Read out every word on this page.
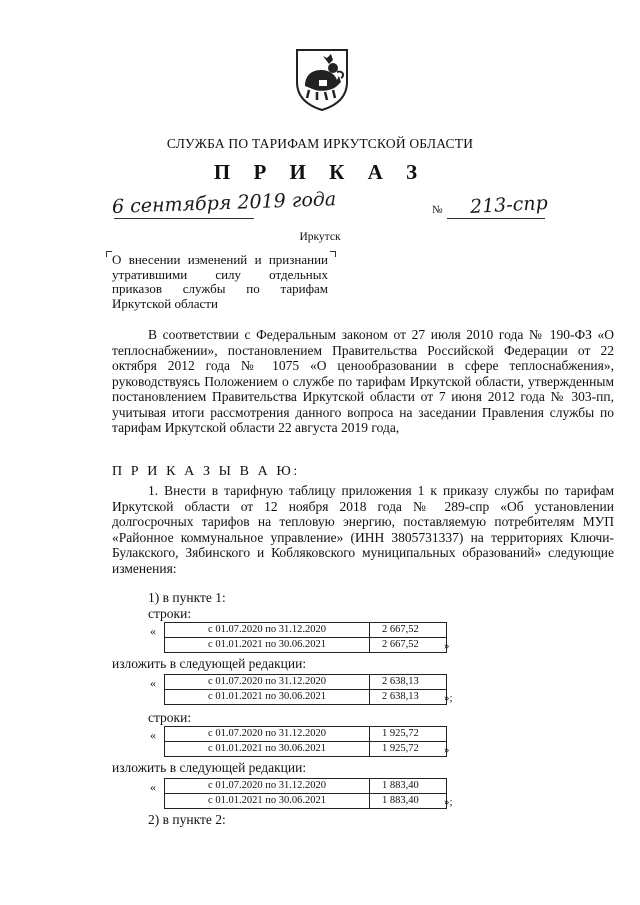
СЛУЖБА ПО ТАРИФАМ ИРКУТСКОЙ ОБЛАСТИ
П Р И К А З
6 сентября 2019 года	№ 213-спр
Иркутск
О внесении изменений и признании утратившими силу отдельных приказов службы по тарифам Иркутской области
В соответствии с Федеральным законом от 27 июля 2010 года № 190-ФЗ «О теплоснабжении», постановлением Правительства Российской Федерации от 22 октября 2012 года № 1075 «О ценообразовании в сфере теплоснабжения», руководствуясь Положением о службе по тарифам Иркутской области, утвержденным постановлением Правительства Иркутской области от 7 июня 2012 года № 303-пп, учитывая итоги рассмотрения данного вопроса на заседании Правления службы по тарифам Иркутской области 22 августа 2019 года,
П Р И К А З Ы В А Ю:
1. Внести в тарифную таблицу приложения 1 к приказу службы по тарифам Иркутской области от 12 ноября 2018 года № 289-спр «Об установлении долгосрочных тарифов на тепловую энергию, поставляемую потребителям МУП «Районное коммунальное управление» (ИНН 3805731337) на территориях Ключи-Булакского, Зябинского и Кобляковского муниципальных образований» следующие изменения:
1) в пункте 1:
строки:
«	с 01.07.2020 по 31.12.2020	2 667,52
с 01.01.2021 по 30.06.2021	2 667,52 »
изложить в следующей редакции:
«	с 01.07.2020 по 31.12.2020	2 638,13
с 01.01.2021 по 30.06.2021	2 638,13 »;
строки:
«	с 01.07.2020 по 31.12.2020	1 925,72
с 01.01.2021 по 30.06.2021	1 925,72 »
изложить в следующей редакции:
«	с 01.07.2020 по 31.12.2020	1 883,40
с 01.01.2021 по 30.06.2021	1 883,40 »;
2) в пункте 2:
